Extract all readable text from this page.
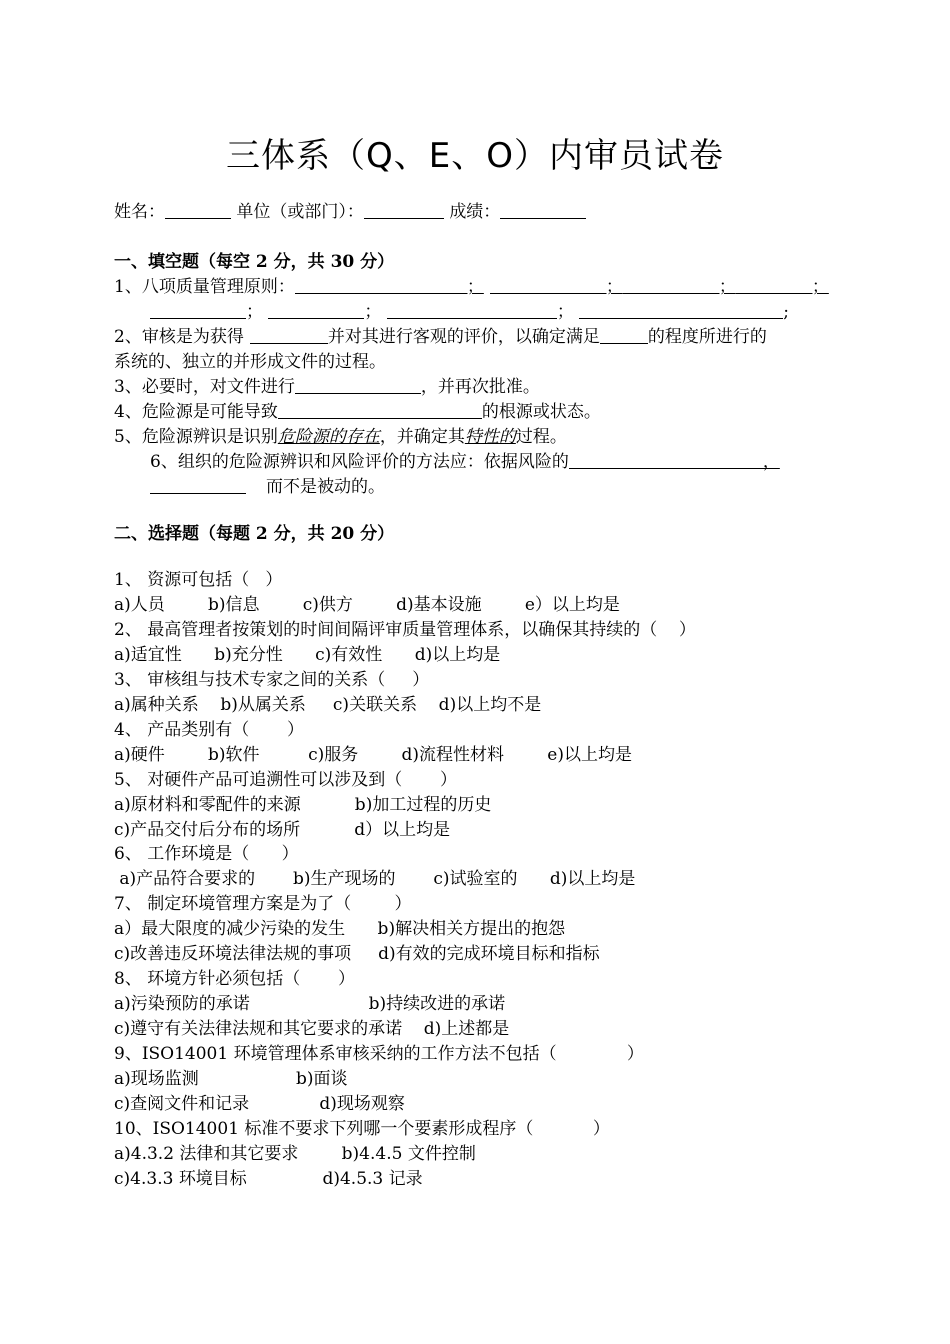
三体系（Q、E、O）内审员试卷
姓名：	单位（或部门）：	成绩：
一、填空题（每空 2 分，共 30 分）
1、八项质量管理原则：	；	；	；	；
；	；	；	;
2、审核是为获得	并对其进行客观的评价，以确定满足	的程度所进行的
系统的、独立的并形成文件的过程。
3、必要时，对文件进行	，并再次批准。
4、危险源是可能导致	的根源或状态。
5、危险源辨识是识别危险源的存在，并确定其特性的过程。
6、组织的危险源辨识和风险评价的方法应：依据风险的	，
而不是被动的。
二、选择题（每题 2 分，共 20 分）
1、 资源可包括（   ）
a)人员        b)信息        c)供方        d)基本设施        e）以上均是
2、 最高管理者按策划的时间间隔评审质量管理体系，以确保其持续的（    ）
a)适宜性      b)充分性      c)有效性      d)以上均是
3、 审核组与技术专家之间的关系（     ）
a)属种关系    b)从属关系     c)关联关系    d)以上均不是
4、 产品类别有（       ）
a)硬件        b)软件         c)服务        d)流程性材料        e)以上均是
5、 对硬件产品可追溯性可以涉及到（       ）
a)原材料和零配件的来源          b)加工过程的历史
c)产品交付后分布的场所          d）以上均是
6、 工作环境是（      ）
a)产品符合要求的       b)生产现场的       c)试验室的      d)以上均是
7、 制定环境管理方案是为了（        ）
a）最大限度的减少污染的发生      b)解决相关方提出的抱怨
c)改善违反环境法律法规的事项     d)有效的完成环境目标和指标
8、 环境方针必须包括（       ）
a)污染预防的承诺                      b)持续改进的承诺
c)遵守有关法律法规和其它要求的承诺    d)上述都是
9、ISO14001 环境管理体系审核采纳的工作方法不包括（             ）
a)现场监测                  b)面谈
c)查阅文件和记录             d)现场观察
10、ISO14001 标准不要求下列哪一个要素形成程序（           ）
a)4.3.2 法律和其它要求        b)4.4.5 文件控制
c)4.3.3 环境目标              d)4.5.3 记录
